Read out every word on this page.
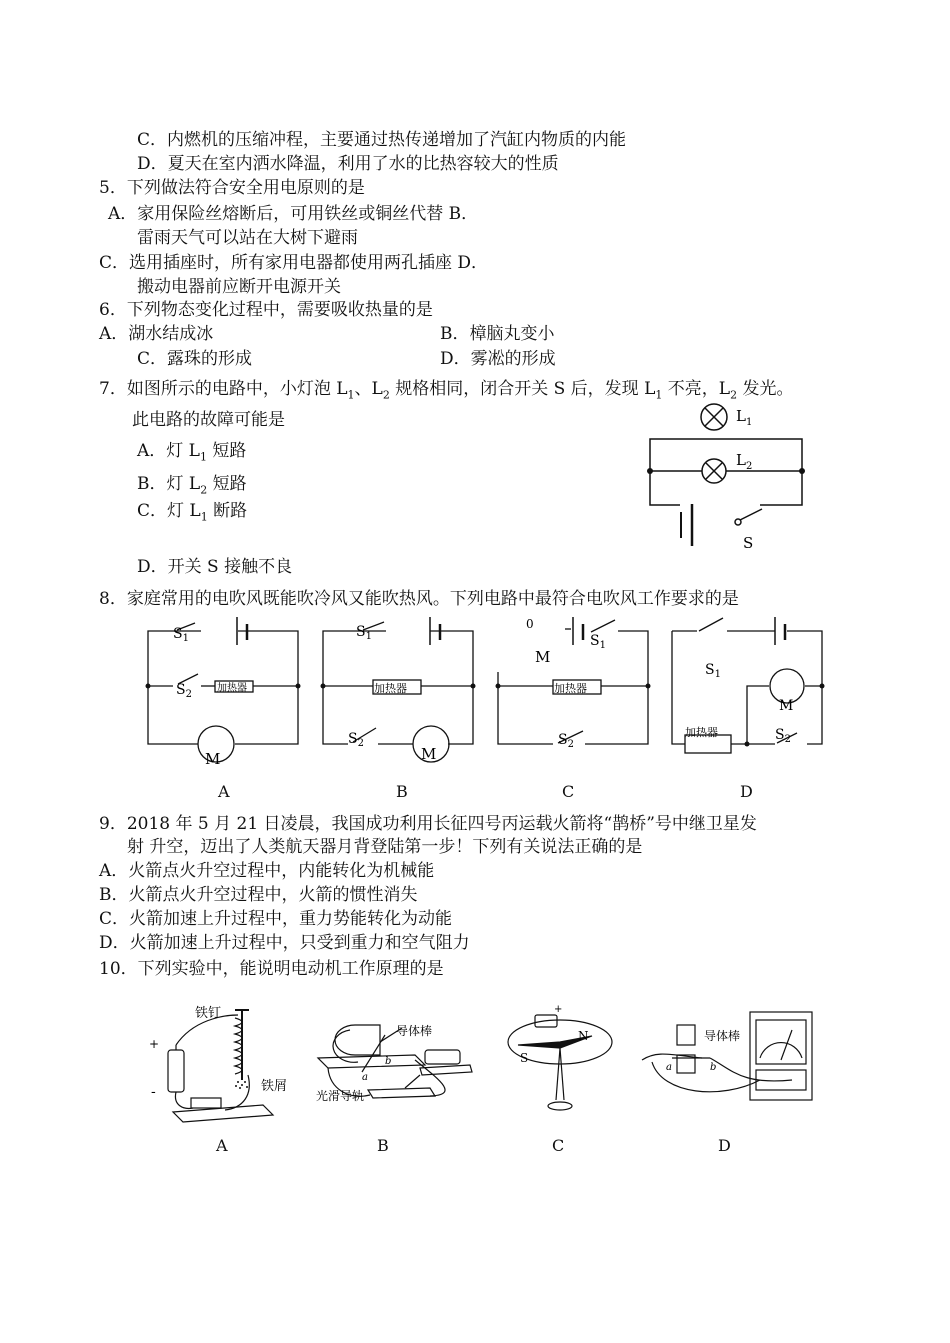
C．内燃机的压缩冲程，主要通过热传递增加了汽缸内物质的内能
D．夏天在室内洒水降温，利用了水的比热容较大的性质
5．下列做法符合安全用电原则的是
A．家用保险丝熔断后，可用铁丝或铜丝代替 B．
雷雨天气可以站在大树下避雨
C．选用插座时，所有家用电器都使用两孔插座 D．
搬动电器前应断开电源开关
6．下列物态变化过程中，需要吸收热量的是
A．湖水结成冰	B．樟脑丸变小
C．露珠的形成	D．雾凇的形成
7．如图所示的电路中，小灯泡 $L_1$、$L_2$ 规格相同，闭合开关 S 后，发现 $L_1$ 不亮，$L_2$ 发光。
此电路的故障可能是
A．灯 $L_1$ 短路
B．灯 $L_2$ 短路
C．灯 $L_1$ 断路
D．开关 S 接触不良
$L_1$
$L_2$
S
8．家庭常用的电吹风既能吹冷风又能吹热风。下列电路中最符合电吹风工作要求的是
$S_1$
$S_2$
加热器
M
$S_1$
加热器
$S_2$
M
0
$S_1$
M
加热器
$S_2$
$S_1$
M
加热器	$S_2$
A	B	C	D
9．2018 年 5 月 21 日凌晨，我国成功利用长征四号丙运载火箭将“鹊桥”号中继卫星发
射 升空，迈出了人类航天器月背登陆第一步！下列有关说法正确的是
A．火箭点火升空过程中，内能转化为机械能
B．火箭点火升空过程中，火箭的惯性消失
C．火箭加速上升过程中，重力势能转化为动能
D．火箭加速上升过程中，只受到重力和空气阻力
10．下列实验中，能说明电动机工作原理的是
铁钉
铁屑
+
-
导体棒
光滑导轨
a
b	S
N
+
导体棒
a	b
A	B	C	D
